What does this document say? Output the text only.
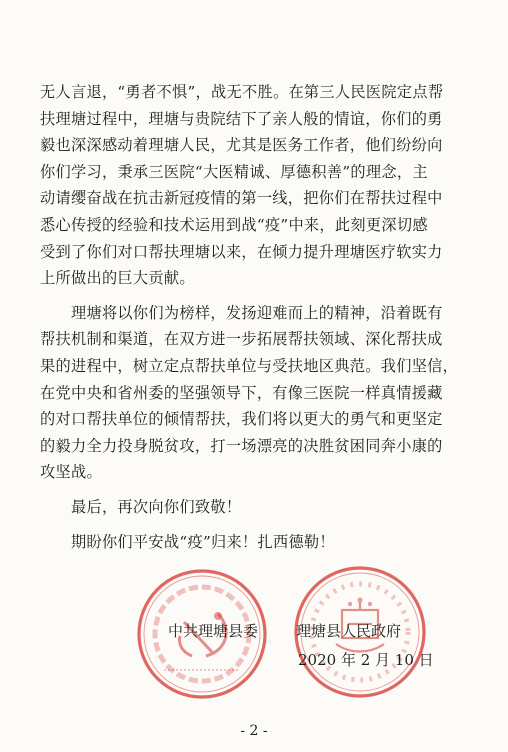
无人言退，“勇者不惧”，战无不胜。在第三人民医院定点帮
扶理塘过程中，理塘与贵院结下了亲人般的情谊，你们的勇
毅也深深感动着理塘人民，尤其是医务工作者，他们纷纷向
你们学习，秉承三医院“大医精诚、厚德积善”的理念，主
动请缨奋战在抗击新冠疫情的第一线，把你们在帮扶过程中
悉心传授的经验和技术运用到战“疫”中来，此刻更深切感
受到了你们对口帮扶理塘以来，在倾力提升理塘医疗软实力
上所做出的巨大贡献。
　　理塘将以你们为榜样，发扬迎难而上的精神，沿着既有
帮扶机制和渠道，在双方进一步拓展帮扶领域、深化帮扶成
果的进程中，树立定点帮扶单位与受扶地区典范。我们坚信，
在党中央和省州委的坚强领导下，有像三医院一样真情援藏
的对口帮扶单位的倾情帮扶，我们将以更大的勇气和更坚定
的毅力全力投身脱贫攻，打一场漂亮的决胜贫困同奔小康的
攻坚战。
　　最后，再次向你们致敬！
　　期盼你们平安战“疫”归来！扎西德勒！
中共理塘县委	理塘县人民政府
2020 年 2 月 10 日
- 2 -
